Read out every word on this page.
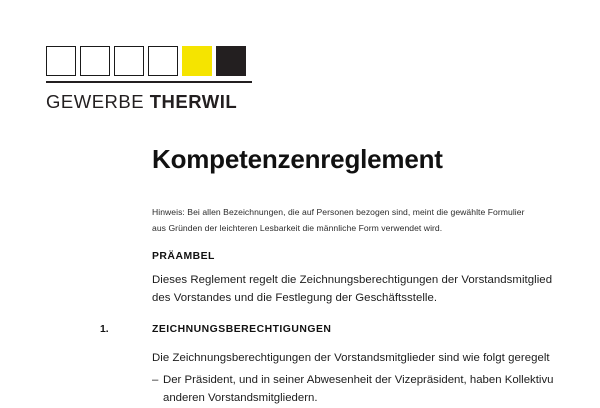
GEWERBE THERWIL
Kompetenzenreglement
Hinweis: Bei allen Bezeichnungen, die auf Personen bezogen sind, meint die gewählte Formulier
aus Gründen der leichteren Lesbarkeit die männliche Form verwendet wird.
PRÄAMBEL
Dieses Reglement regelt die Zeichnungsberechtigungen der Vorstandsmitglied
des Vorstandes und die Festlegung der Geschäftsstelle.
1.	ZEICHNUNGSBERECHTIGUNGEN
Die Zeichnungsberechtigungen der Vorstandsmitglieder sind wie folgt geregelt
– Der Präsident, und in seiner Abwesenheit der Vizepräsident, haben Kollektivu
anderen Vorstandsmitgliedern.
